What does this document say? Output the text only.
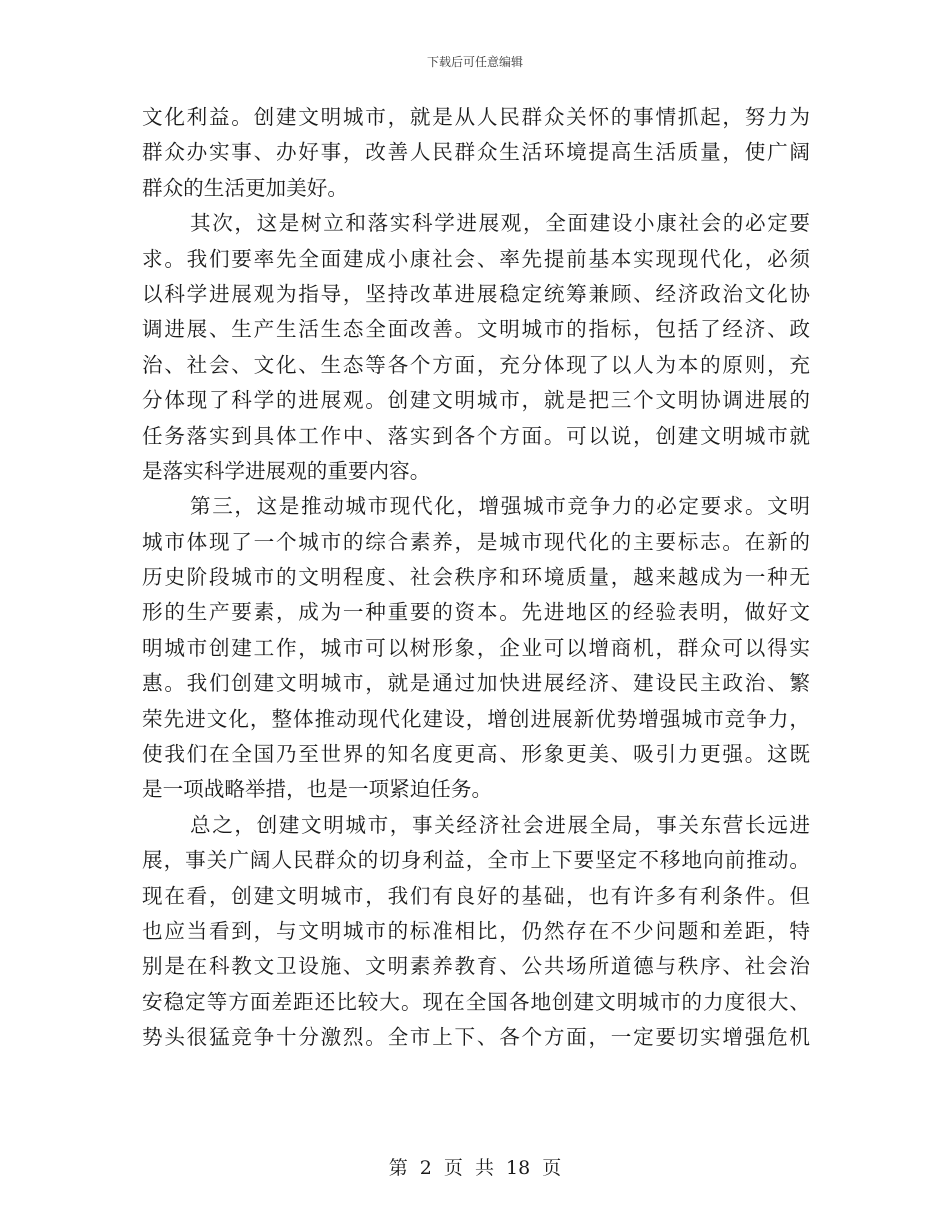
下载后可任意编辑
文化利益。创建文明城市，就是从人民群众关怀的事情抓起，努力为
群众办实事、办好事，改善人民群众生活环境提高生活质量，使广阔
群众的生活更加美好。
其次，这是树立和落实科学进展观，全面建设小康社会的必定要
求。我们要率先全面建成小康社会、率先提前基本实现现代化，必须
以科学进展观为指导，坚持改革进展稳定统筹兼顾、经济政治文化协
调进展、生产生活生态全面改善。文明城市的指标，包括了经济、政
治、社会、文化、生态等各个方面，充分体现了以人为本的原则，充
分体现了科学的进展观。创建文明城市，就是把三个文明协调进展的
任务落实到具体工作中、落实到各个方面。可以说，创建文明城市就
是落实科学进展观的重要内容。
第三，这是推动城市现代化，增强城市竞争力的必定要求。文明
城市体现了一个城市的综合素养，是城市现代化的主要标志。在新的
历史阶段城市的文明程度、社会秩序和环境质量，越来越成为一种无
形的生产要素，成为一种重要的资本。先进地区的经验表明，做好文
明城市创建工作，城市可以树形象，企业可以增商机，群众可以得实
惠。我们创建文明城市，就是通过加快进展经济、建设民主政治、繁
荣先进文化，整体推动现代化建设，增创进展新优势增强城市竞争力，
使我们在全国乃至世界的知名度更高、形象更美、吸引力更强。这既
是一项战略举措，也是一项紧迫任务。
总之，创建文明城市，事关经济社会进展全局，事关东营长远进
展，事关广阔人民群众的切身利益，全市上下要坚定不移地向前推动。
现在看，创建文明城市，我们有良好的基础，也有许多有利条件。但
也应当看到，与文明城市的标准相比，仍然存在不少问题和差距，特
别是在科教文卫设施、文明素养教育、公共场所道德与秩序、社会治
安稳定等方面差距还比较大。现在全国各地创建文明城市的力度很大、
势头很猛竞争十分激烈。全市上下、各个方面，一定要切实增强危机
第 2 页 共 18 页
